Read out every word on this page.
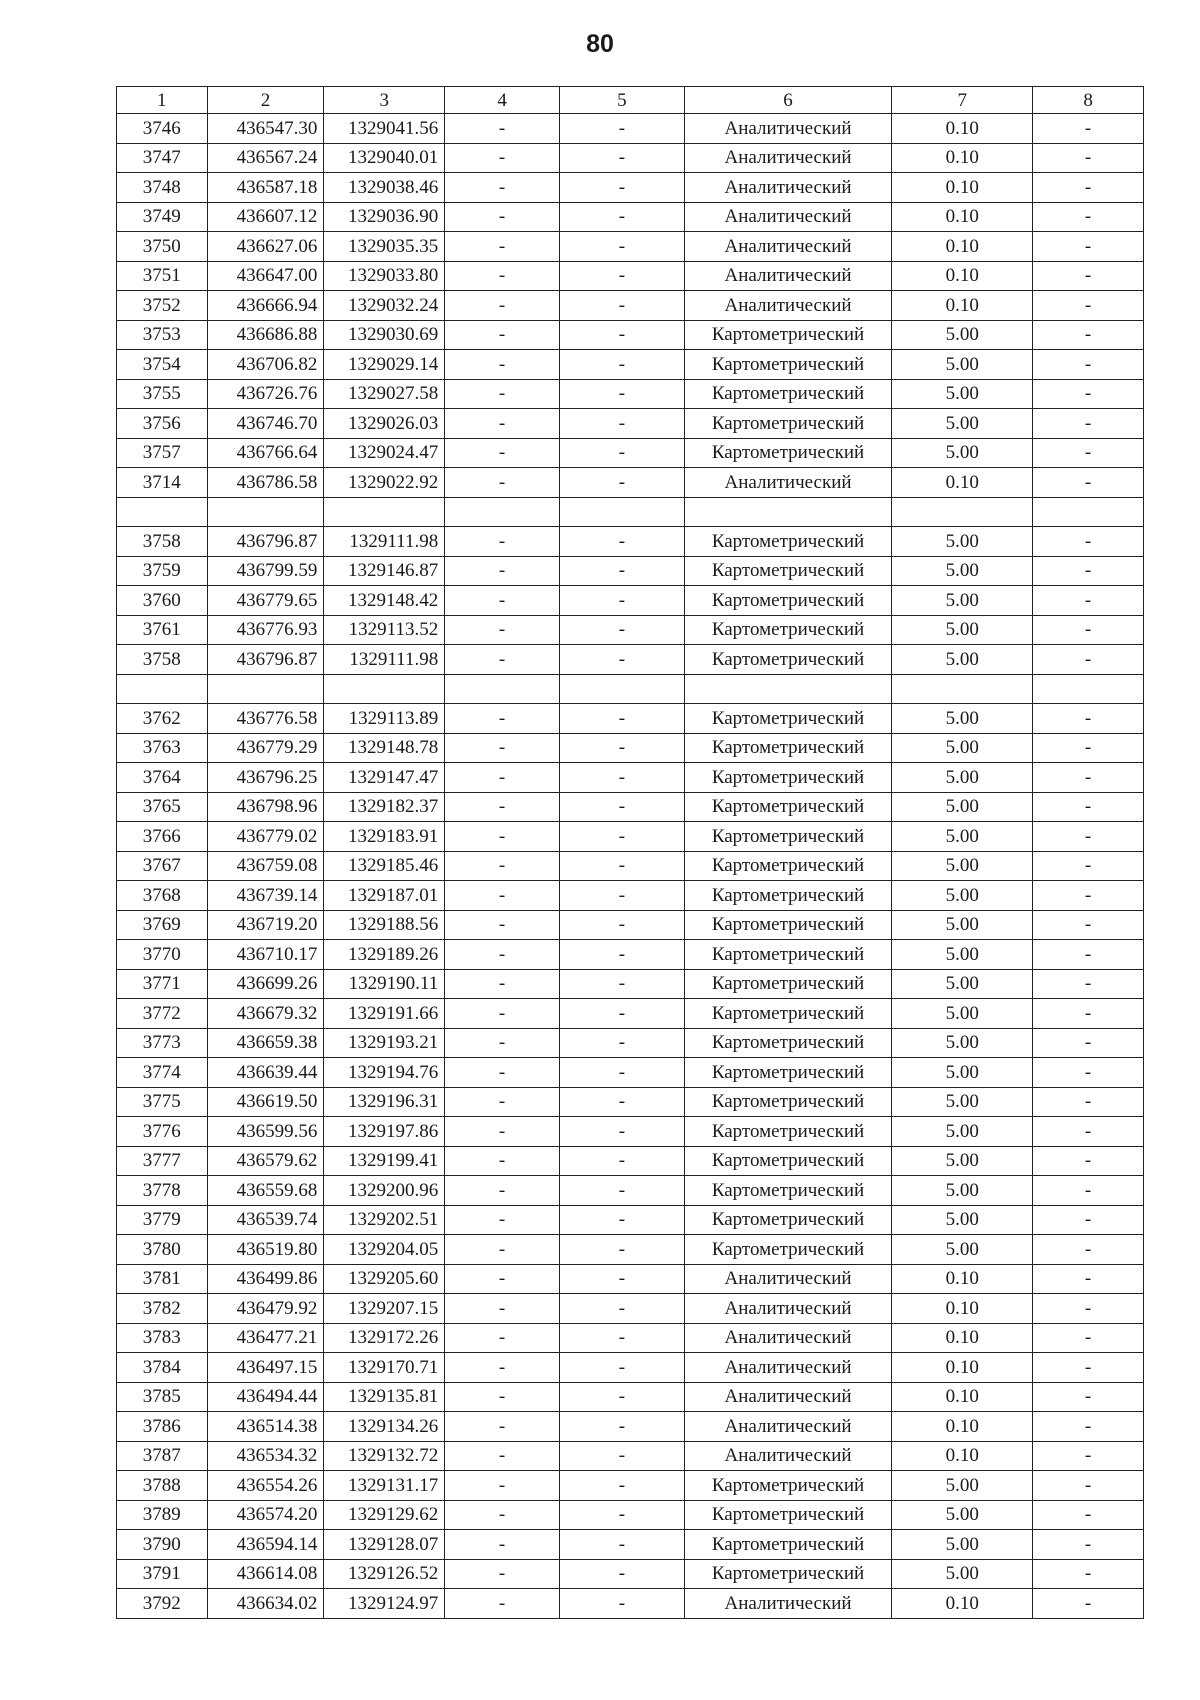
80
1	2	3	4	5	6	7	8
3746	436547.30	1329041.56	-	-	Аналитический	0.10	-
3747	436567.24	1329040.01	-	-	Аналитический	0.10	-
3748	436587.18	1329038.46	-	-	Аналитический	0.10	-
3749	436607.12	1329036.90	-	-	Аналитический	0.10	-
3750	436627.06	1329035.35	-	-	Аналитический	0.10	-
3751	436647.00	1329033.80	-	-	Аналитический	0.10	-
3752	436666.94	1329032.24	-	-	Аналитический	0.10	-
3753	436686.88	1329030.69	-	-	Картометрический	5.00	-
3754	436706.82	1329029.14	-	-	Картометрический	5.00	-
3755	436726.76	1329027.58	-	-	Картометрический	5.00	-
3756	436746.70	1329026.03	-	-	Картометрический	5.00	-
3757	436766.64	1329024.47	-	-	Картометрический	5.00	-
3714	436786.58	1329022.92	-	-	Аналитический	0.10	-

3758	436796.87	1329111.98	-	-	Картометрический	5.00	-
3759	436799.59	1329146.87	-	-	Картометрический	5.00	-
3760	436779.65	1329148.42	-	-	Картометрический	5.00	-
3761	436776.93	1329113.52	-	-	Картометрический	5.00	-
3758	436796.87	1329111.98	-	-	Картометрический	5.00	-

3762	436776.58	1329113.89	-	-	Картометрический	5.00	-
3763	436779.29	1329148.78	-	-	Картометрический	5.00	-
3764	436796.25	1329147.47	-	-	Картометрический	5.00	-
3765	436798.96	1329182.37	-	-	Картометрический	5.00	-
3766	436779.02	1329183.91	-	-	Картометрический	5.00	-
3767	436759.08	1329185.46	-	-	Картометрический	5.00	-
3768	436739.14	1329187.01	-	-	Картометрический	5.00	-
3769	436719.20	1329188.56	-	-	Картометрический	5.00	-
3770	436710.17	1329189.26	-	-	Картометрический	5.00	-
3771	436699.26	1329190.11	-	-	Картометрический	5.00	-
3772	436679.32	1329191.66	-	-	Картометрический	5.00	-
3773	436659.38	1329193.21	-	-	Картометрический	5.00	-
3774	436639.44	1329194.76	-	-	Картометрический	5.00	-
3775	436619.50	1329196.31	-	-	Картометрический	5.00	-
3776	436599.56	1329197.86	-	-	Картометрический	5.00	-
3777	436579.62	1329199.41	-	-	Картометрический	5.00	-
3778	436559.68	1329200.96	-	-	Картометрический	5.00	-
3779	436539.74	1329202.51	-	-	Картометрический	5.00	-
3780	436519.80	1329204.05	-	-	Картометрический	5.00	-
3781	436499.86	1329205.60	-	-	Аналитический	0.10	-
3782	436479.92	1329207.15	-	-	Аналитический	0.10	-
3783	436477.21	1329172.26	-	-	Аналитический	0.10	-
3784	436497.15	1329170.71	-	-	Аналитический	0.10	-
3785	436494.44	1329135.81	-	-	Аналитический	0.10	-
3786	436514.38	1329134.26	-	-	Аналитический	0.10	-
3787	436534.32	1329132.72	-	-	Аналитический	0.10	-
3788	436554.26	1329131.17	-	-	Картометрический	5.00	-
3789	436574.20	1329129.62	-	-	Картометрический	5.00	-
3790	436594.14	1329128.07	-	-	Картометрический	5.00	-
3791	436614.08	1329126.52	-	-	Картометрический	5.00	-
3792	436634.02	1329124.97	-	-	Аналитический	0.10	-
